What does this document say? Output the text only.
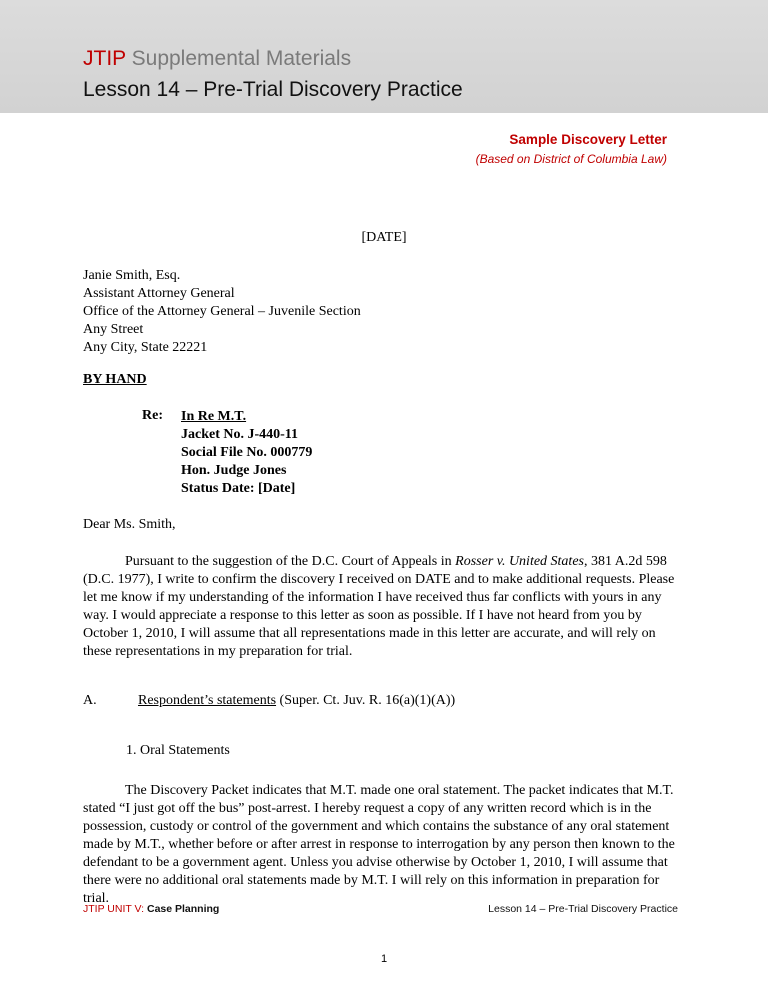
JTIP Supplemental Materials
Lesson 14 – Pre-Trial Discovery Practice
Sample Discovery Letter
(Based on District of Columbia Law)
[DATE]
Janie Smith, Esq.
Assistant Attorney General
Office of the Attorney General – Juvenile Section
Any Street
Any City, State 22221
BY HAND
Re: In Re M.T.
Jacket No. J-440-11
Social File No. 000779
Hon. Judge Jones
Status Date: [Date]
Dear Ms. Smith,
Pursuant to the suggestion of the D.C. Court of Appeals in Rosser v. United States, 381 A.2d 598 (D.C. 1977), I write to confirm the discovery I received on DATE and to make additional requests. Please let me know if my understanding of the information I have received thus far conflicts with yours in any way. I would appreciate a response to this letter as soon as possible. If I have not heard from you by October 1, 2010, I will assume that all representations made in this letter are accurate, and will rely on these representations in my preparation for trial.
A.	Respondent’s statements (Super. Ct. Juv. R. 16(a)(1)(A))
1. Oral Statements
The Discovery Packet indicates that M.T. made one oral statement. The packet indicates that M.T. stated “I just got off the bus” post-arrest. I hereby request a copy of any written record which is in the possession, custody or control of the government and which contains the substance of any oral statement made by M.T., whether before or after arrest in response to interrogation by any person then known to the defendant to be a government agent. Unless you advise otherwise by October 1, 2010, I will assume that there were no additional oral statements made by M.T. I will rely on this information in preparation for trial.
JTIP UNIT V: Case Planning	Lesson 14 – Pre-Trial Discovery Practice
1
